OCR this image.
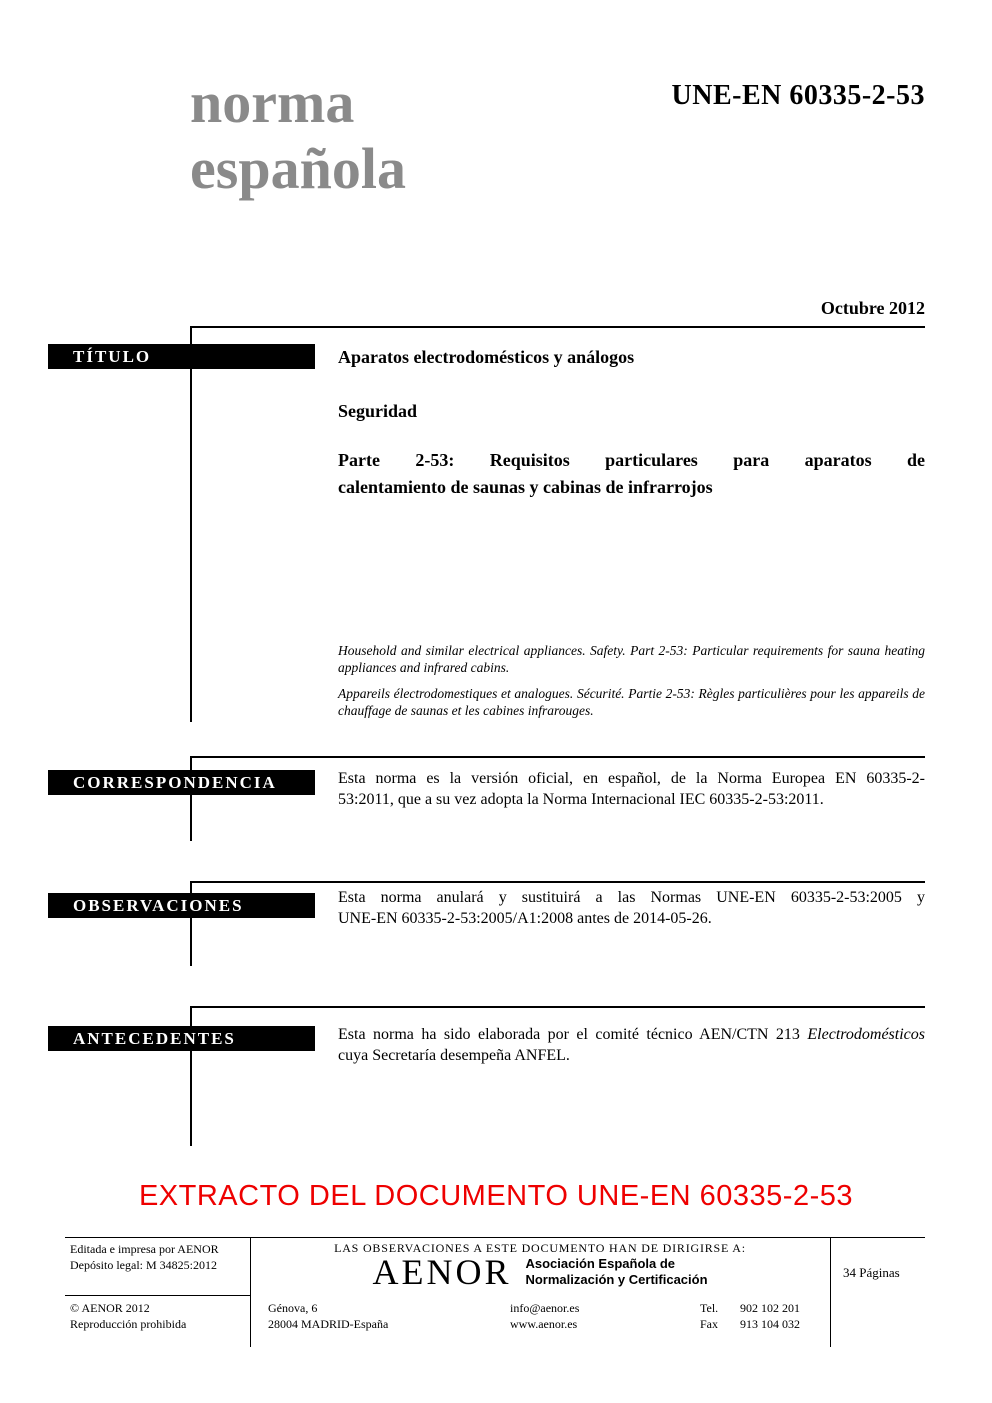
norma
española
UNE-EN 60335-2-53
Octubre 2012
TÍTULO	Aparatos electrodomésticos y análogos
Seguridad
Parte 2-53: Requisitos particulares para aparatos de
calentamiento de saunas y cabinas de infrarrojos
Household and similar electrical appliances. Safety. Part 2-53: Particular requirements for sauna heating appliances and infrared cabins.
Appareils électrodomestiques et analogues. Sécurité. Partie 2-53: Règles particulières pour les appareils de chauffage de saunas et les cabines infrarouges.
CORRESPONDENCIA	Esta norma es la versión oficial, en español, de la Norma Europea EN 60335-2-
53:2011, que a su vez adopta la Norma Internacional IEC 60335-2-53:2011.
OBSERVACIONES	Esta norma anulará y sustituirá a las Normas UNE-EN 60335-2-53:2005 y
UNE-EN 60335-2-53:2005/A1:2008 antes de 2014-05-26.
ANTECEDENTES	Esta norma ha sido elaborada por el comité técnico AEN/CTN 213 Electrodomésticos
cuya Secretaría desempeña ANFEL.
EXTRACTO DEL DOCUMENTO UNE-EN 60335-2-53
Editada e impresa por AENOR
Depósito legal: M 34825:2012
© AENOR 2012
Reproducción prohibida
LAS OBSERVACIONES A ESTE DOCUMENTO HAN DE DIRIGIRSE A:
AENOR Asociación Española de
Normalización y Certificación
Génova, 6
28004 MADRID-España
info@aenor.es
www.aenor.es
Tel. 902 102 201
Fax 913 104 032
34 Páginas
